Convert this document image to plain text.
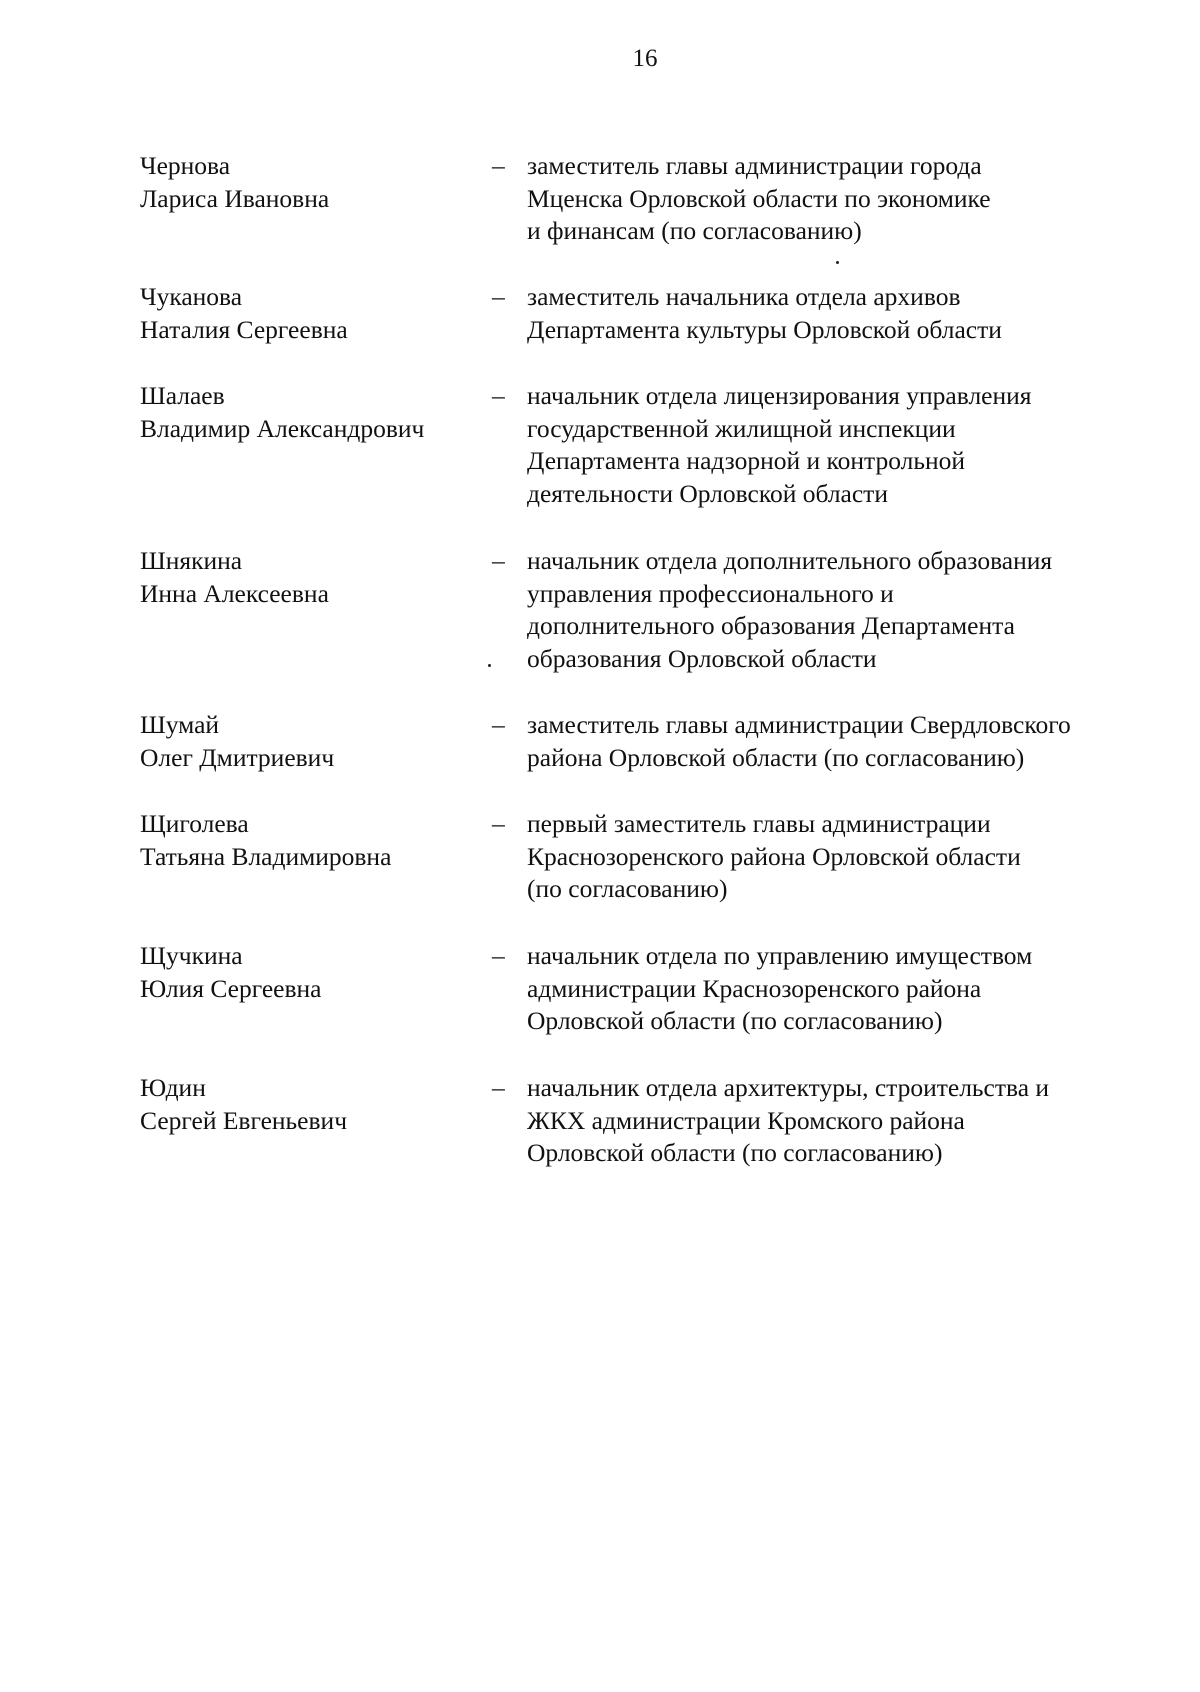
16
Чернова
Лариса Ивановна
– заместитель главы администрации города
Мценска Орловской области по экономике
и финансам (по согласованию)
Чуканова
Наталия Сергеевна
– заместитель начальника отдела архивов
Департамента культуры Орловской области
Шалаев
Владимир Александрович
– начальник отдела лицензирования управления
государственной жилищной инспекции
Департамента надзорной и контрольной
деятельности Орловской области
Шнякина
Инна Алексеевна
– начальник отдела дополнительного образования
управления профессионального и
дополнительного образования Департамента
образования Орловской области
Шумай
Олег Дмитриевич
– заместитель главы администрации Свердловского
района Орловской области (по согласованию)
Щиголева
Татьяна Владимировна
– первый заместитель главы администрации
Краснозоренского района Орловской области
(по согласованию)
Щучкина
Юлия Сергеевна
– начальник отдела по управлению имуществом
администрации Краснозоренского района
Орловской области (по согласованию)
Юдин
Сергей Евгеньевич
– начальник отдела архитектуры, строительства и
ЖКХ администрации Кромского района
Орловской области (по согласованию)
